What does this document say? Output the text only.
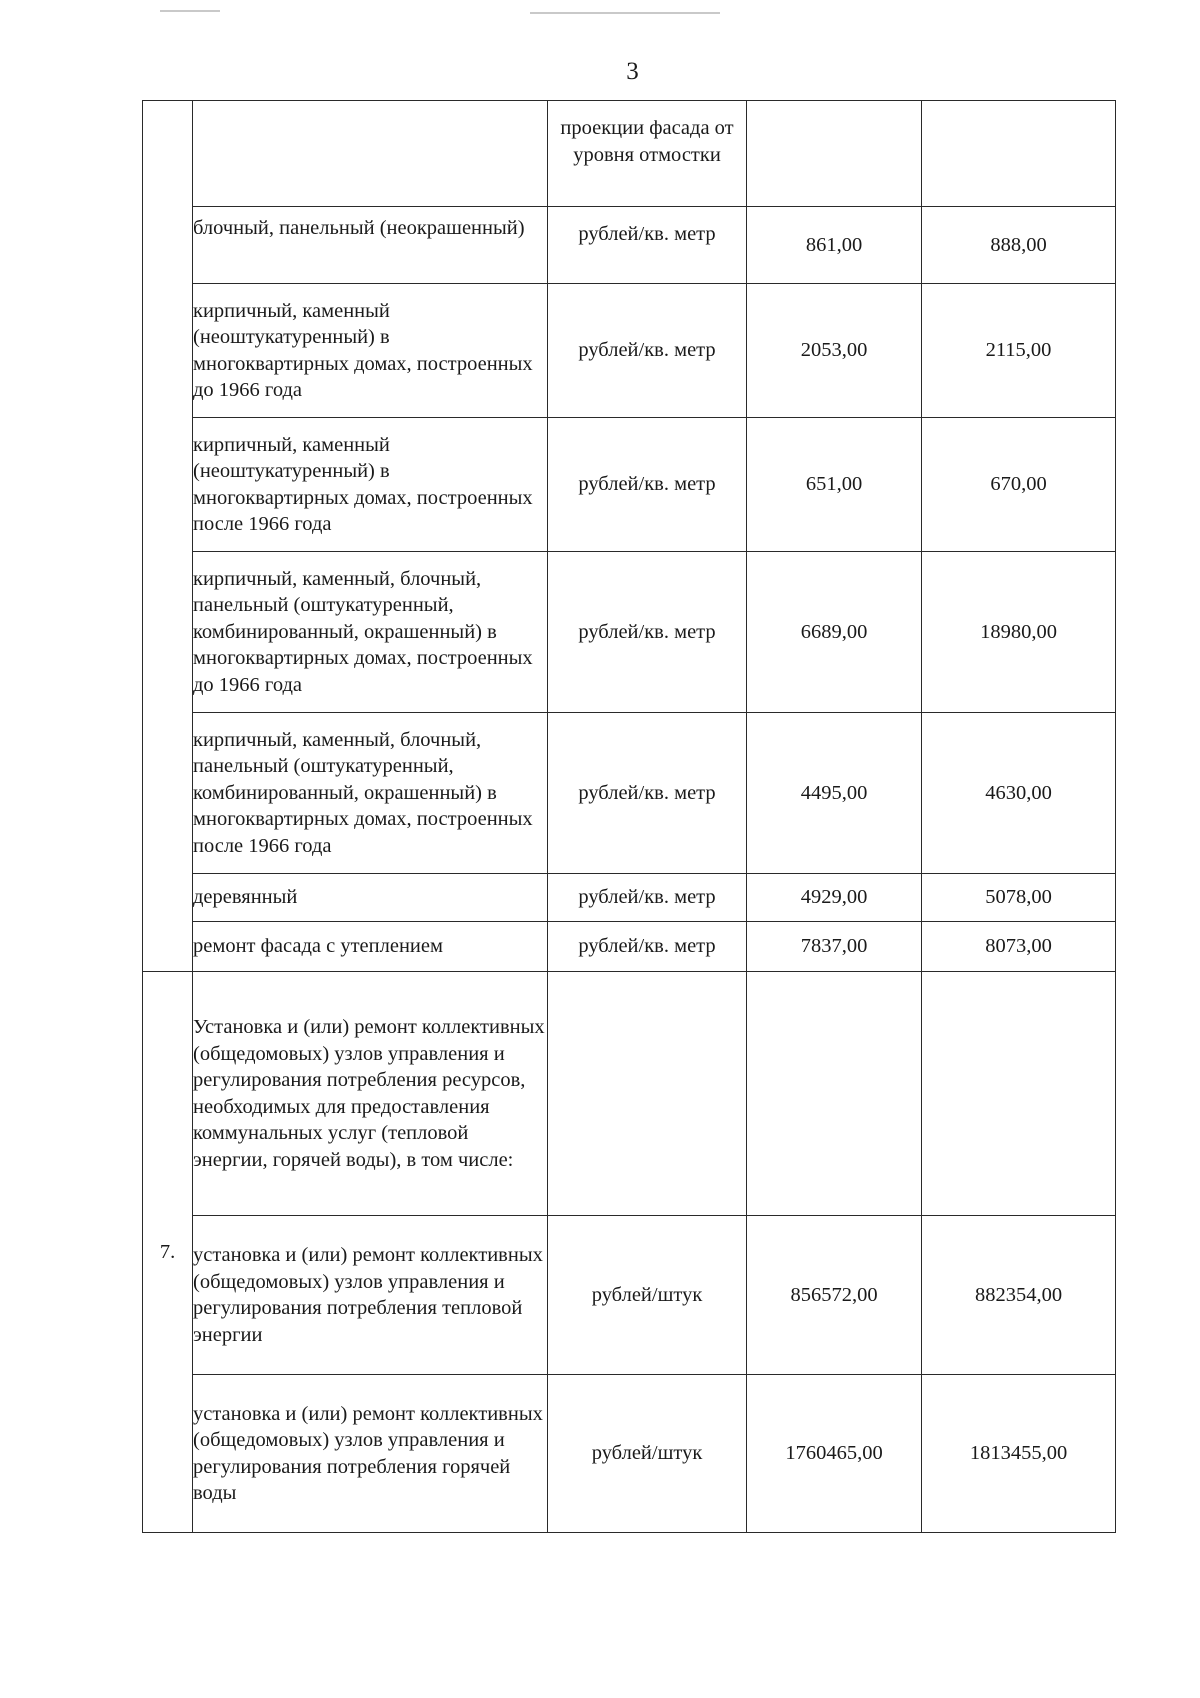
3
		проекции фасада от уровня отмостки		
	блочный, панельный (неокрашенный)	рублей/кв. метр	861,00	888,00
	кирпичный, каменный (неоштукатуренный) в многоквартирных домах, построенных до 1966 года	рублей/кв. метр	2053,00	2115,00
	кирпичный, каменный (неоштукатуренный) в многоквартирных домах, построенных после 1966 года	рублей/кв. метр	651,00	670,00
	кирпичный, каменный, блочный, панельный (оштукатуренный, комбинированный, окрашенный) в многоквартирных домах, построенных до 1966 года	рублей/кв. метр	6689,00	18980,00
	кирпичный, каменный, блочный, панельный (оштукатуренный, комбинированный, окрашенный) в многоквартирных домах, построенных после 1966 года	рублей/кв. метр	4495,00	4630,00
	деревянный	рублей/кв. метр	4929,00	5078,00
	ремонт фасада с утеплением	рублей/кв. метр	7837,00	8073,00
7.	Установка и (или) ремонт коллективных (общедомовых) узлов управления и регулирования потребления ресурсов, необходимых для предоставления коммунальных услуг (тепловой энергии, горячей воды), в том числе:			
	установка и (или) ремонт коллективных (общедомовых) узлов управления и регулирования потребления тепловой энергии	рублей/штук	856572,00	882354,00
	установка и (или) ремонт коллективных (общедомовых) узлов управления и регулирования потребления горячей воды	рублей/штук	1760465,00	1813455,00
